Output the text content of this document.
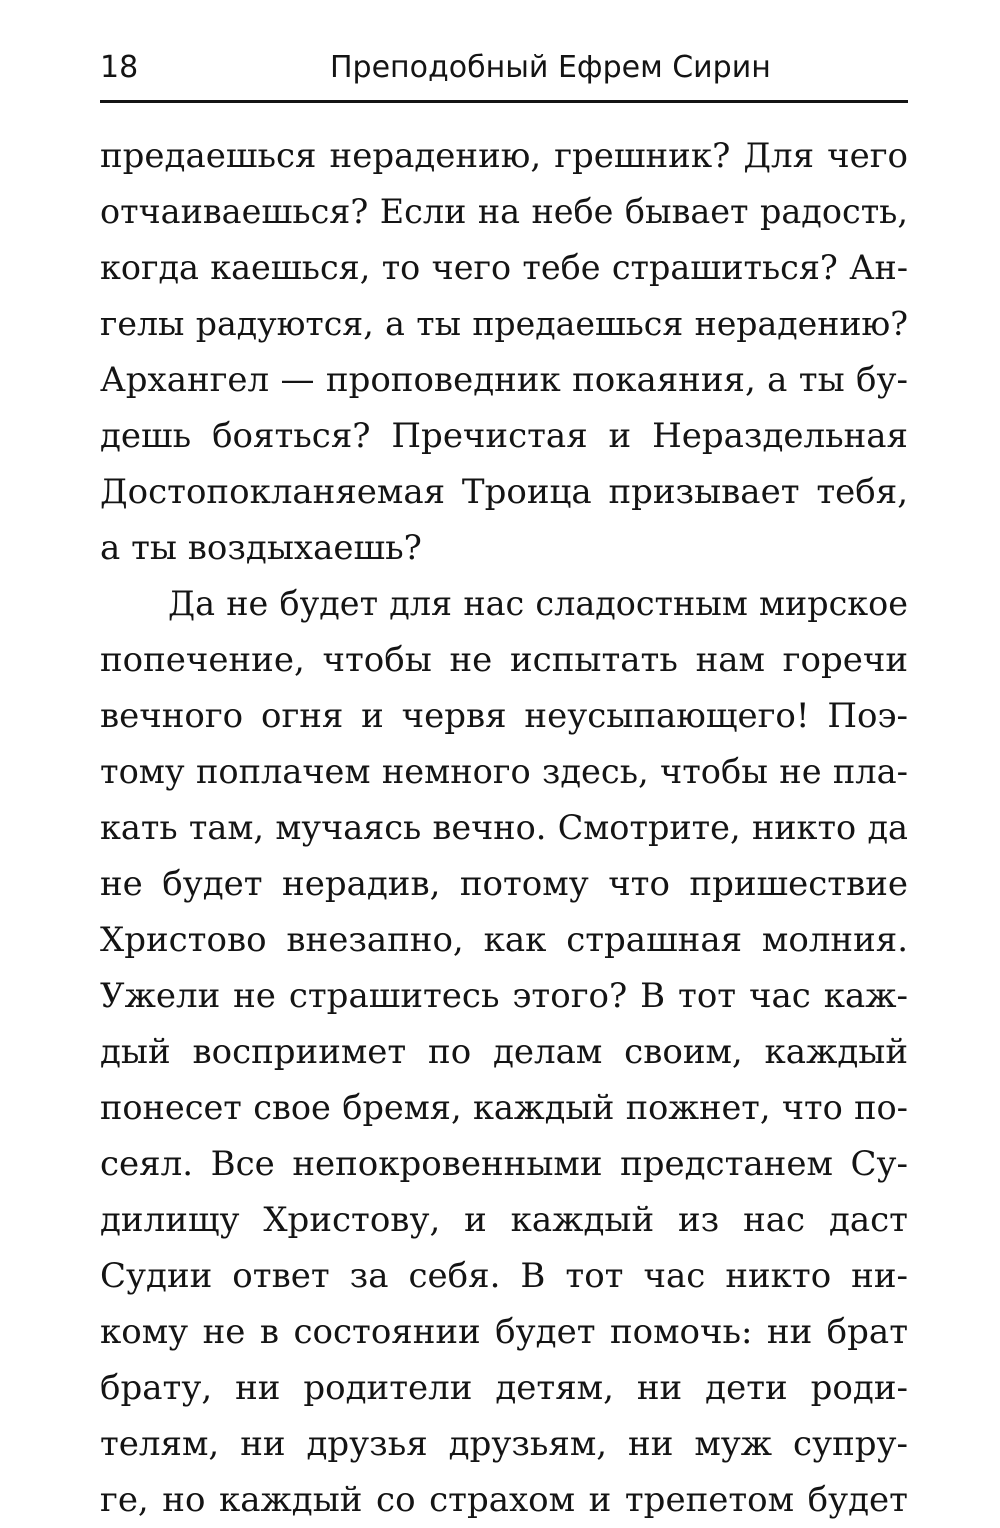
18	Преподобный Ефрем Сирин
предаешься нерадению, грешник? Для чего
отчаиваешься? Если на небе бывает радость,
когда каешься, то чего тебе страшиться? Ан-
гелы радуются, а ты предаешься нерадению?
Архангел — проповедник покаяния, а ты бу-
дешь бояться? Пречистая и Нераздельная
Достопокланяемая Троица призывает тебя,
а ты воздыхаешь?
Да не будет для нас сладостным мирское
попечение, чтобы не испытать нам горечи
вечного огня и червя неусыпающего! Поэ-
тому поплачем немного здесь, чтобы не пла-
кать там, мучаясь вечно. Смотрите, никто да
не будет нерадив, потому что пришествие
Христово внезапно, как страшная молния.
Ужели не страшитесь этого? В тот час каж-
дый восприимет по делам своим, каждый
понесет свое бремя, каждый пожнет, что по-
сеял. Все непокровенными предстанем Су-
дилищу Христову, и каждый из нас даст
Судии ответ за себя. В тот час никто ни-
кому не в состоянии будет помочь: ни брат
брату, ни родители детям, ни дети роди-
телям, ни друзья друзьям, ни муж супру-
ге, но каждый со страхом и трепетом будет
